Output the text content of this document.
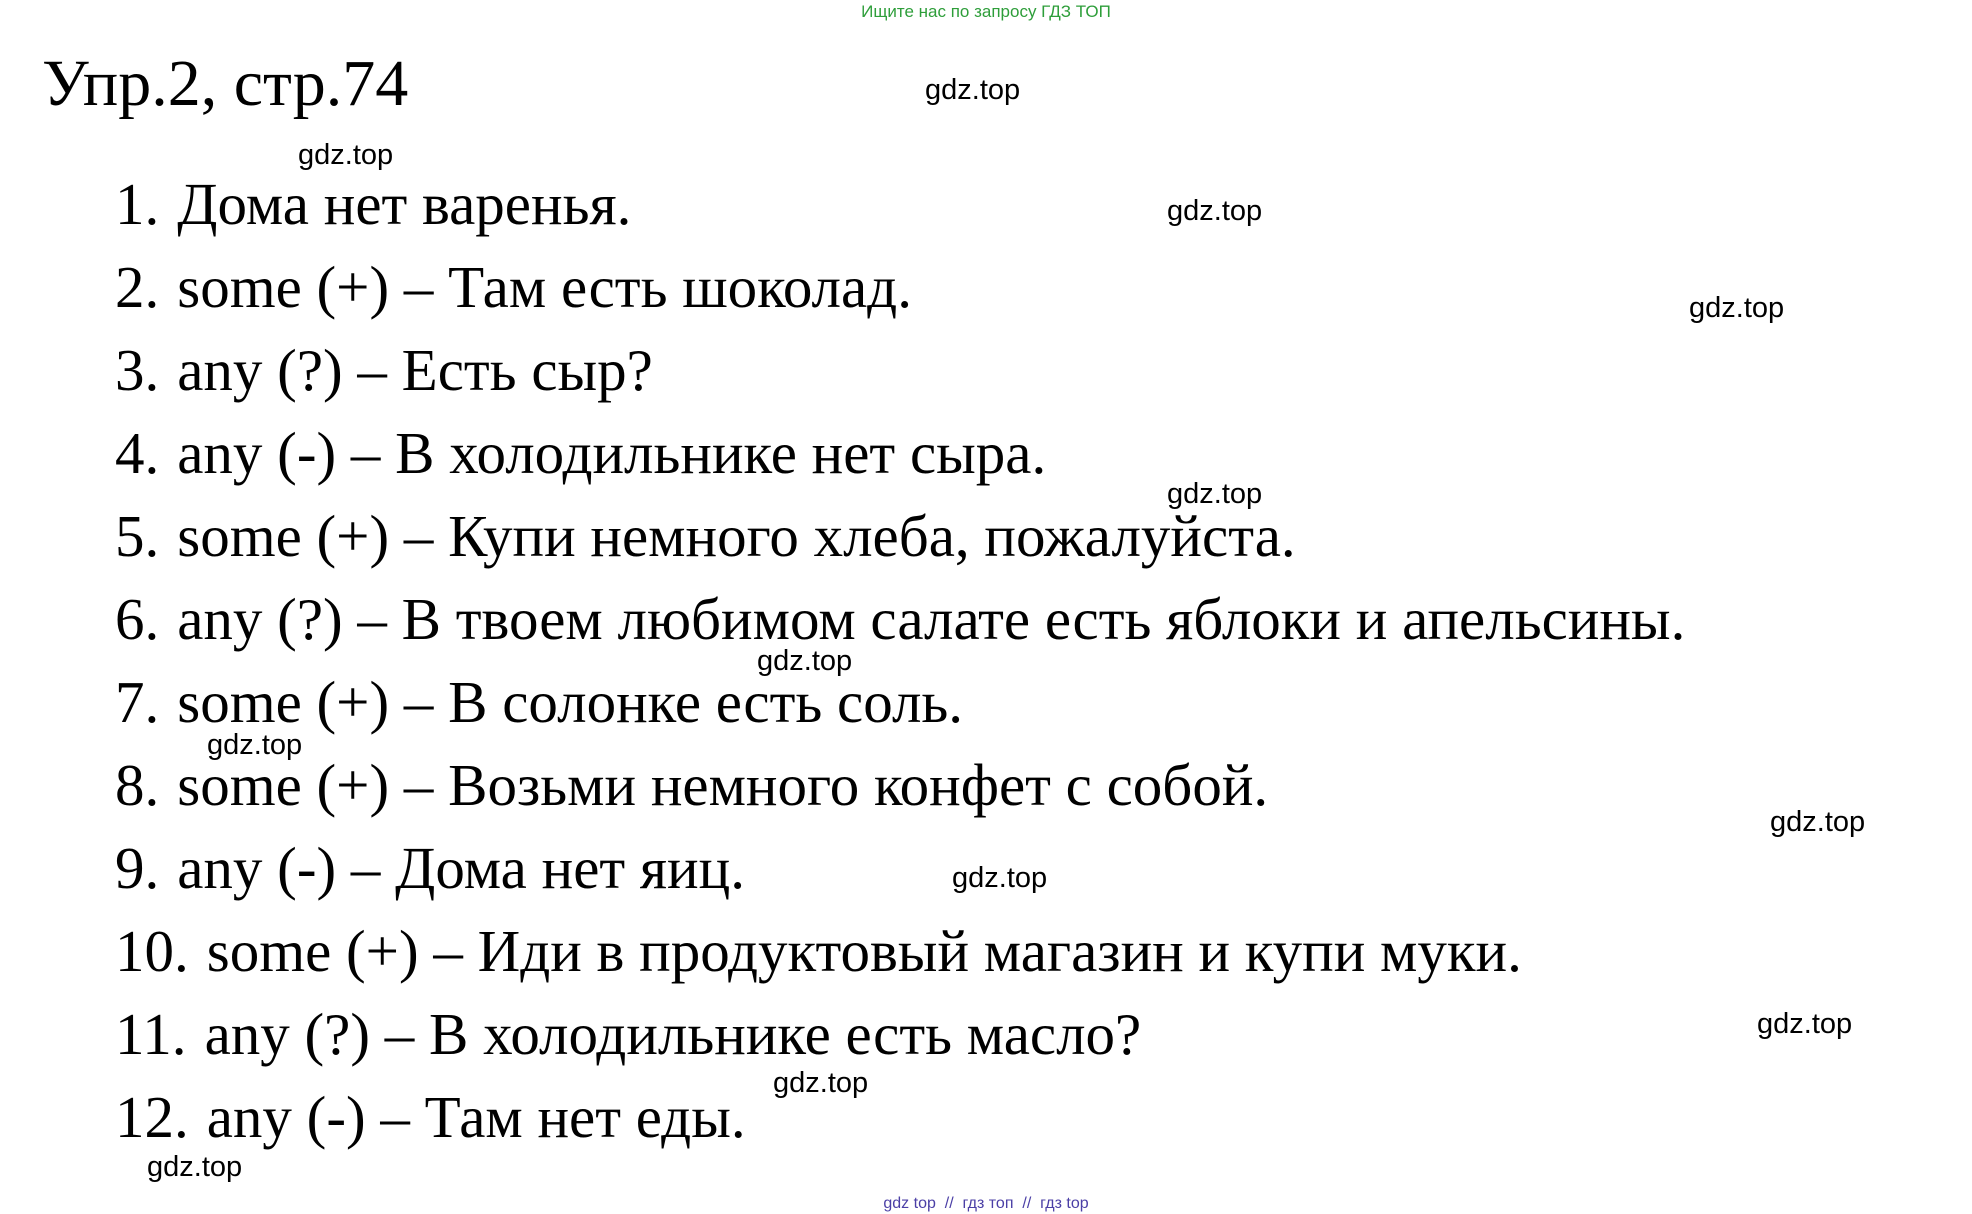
Ищите нас по запросу ГДЗ ТОП
Упр.2, стр.74
1. Дома нет варенья.
2. some (+) – Там есть шоколад.
3. any (?) – Есть сыр?
4. any (-) – В холодильнике нет сыра.
5. some (+) – Купи немного хлеба, пожалуйста.
6. any (?) – В твоем любимом салате есть яблоки и апельсины.
7. some (+) – В солонке есть соль.
8. some (+) – Возьми немного конфет с собой.
9. any (-) – Дома нет яиц.
10. some (+) – Иди в продуктовый магазин и купи муки.
11. any (?) – В холодильнике есть масло?
12. any (-) – Там нет еды.
gdz.top
gdz.top
gdz.top
gdz.top
gdz.top
gdz.top
gdz.top
gdz.top
gdz.top
gdz.top
gdz.top
gdz.top
gdz top  //  гдз топ  //  гдз top
